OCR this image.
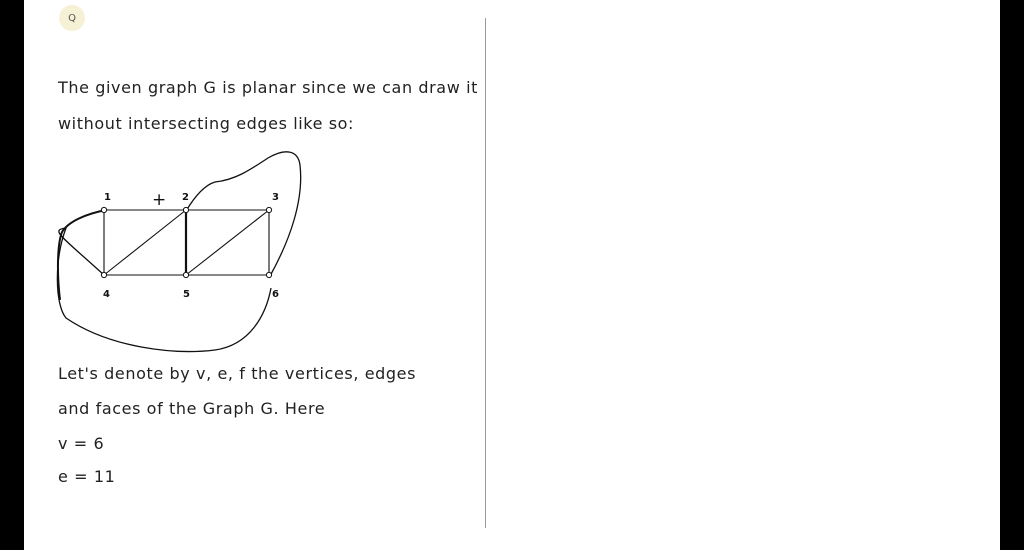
Q
The given graph G is planar since we can draw it
without intersecting edges like so:
1	2	3
4	5	6
+
Let's denote by v, e, f the vertices, edges
and faces of the Graph G. Here
v = 6
e = 11
